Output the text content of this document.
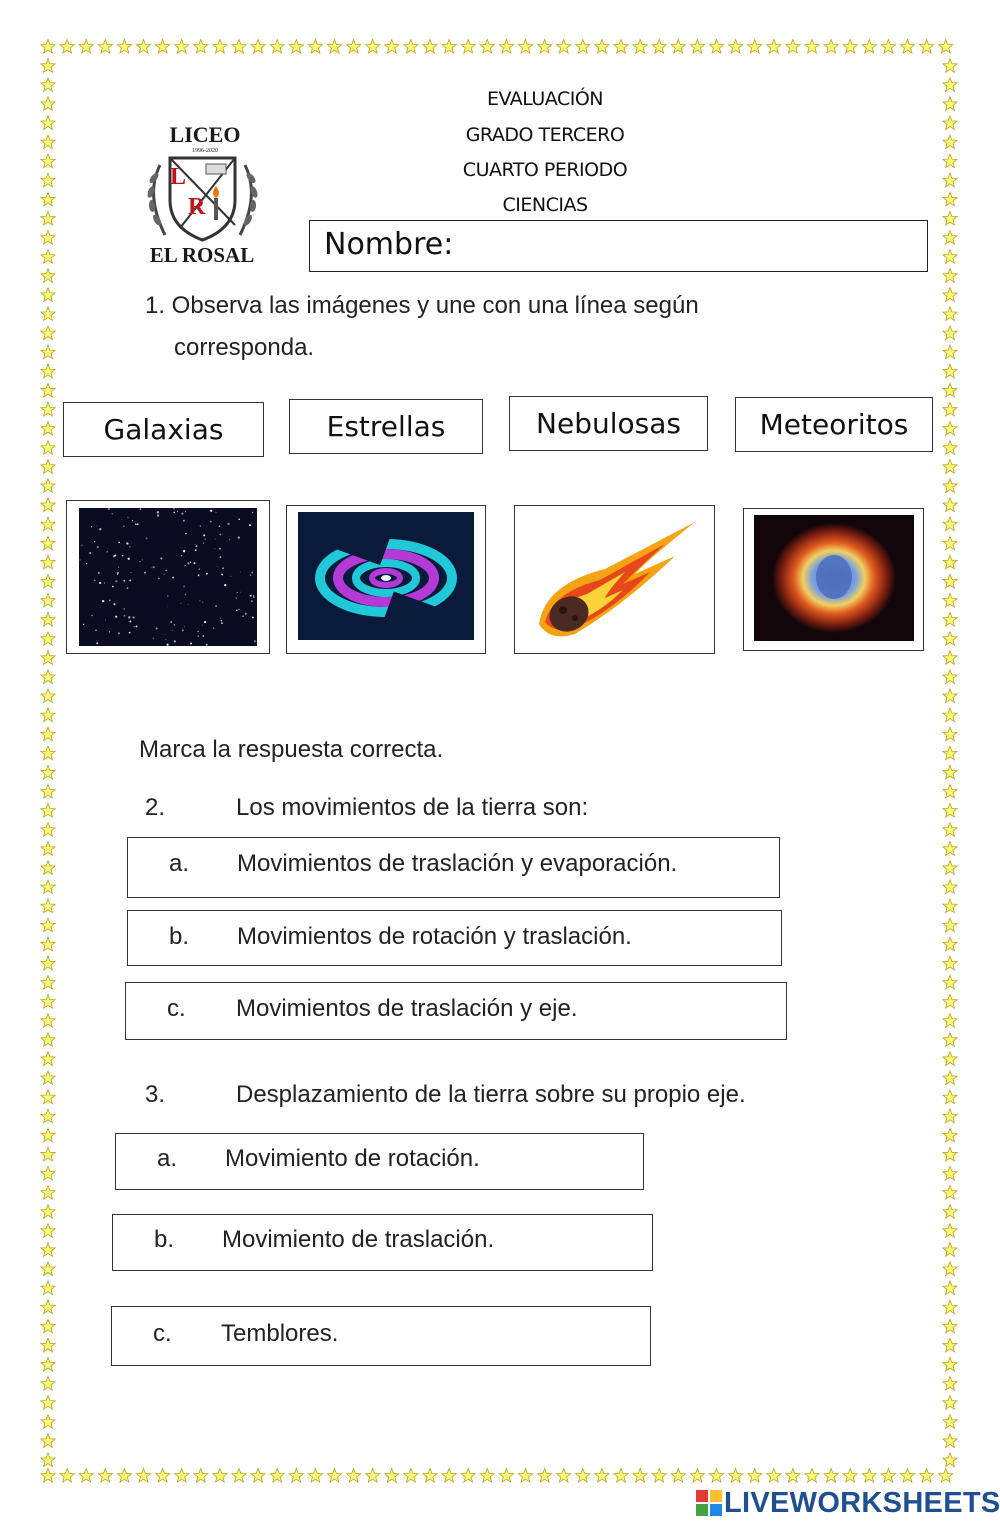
EVALUACIÓN
GRADO TERCERO
CUARTO PERIODO
CIENCIAS
LICEO
1996-2020
L
R
EL ROSAL	Nombre:
1. Observa las imágenes y une con una línea según
corresponda.
Galaxias	Estrellas	Nebulosas	Meteoritos
Marca la respuesta correcta.
2.	Los movimientos de la tierra son:
a. Movimientos de traslación y evaporación.
b. Movimientos de rotación y traslación.
c. Movimientos de traslación y eje.
3.	Desplazamiento de la tierra sobre su propio eje.
a. Movimiento de rotación.
b. Movimiento de traslación.
c. Temblores.
LIVEWORKSHEETS
